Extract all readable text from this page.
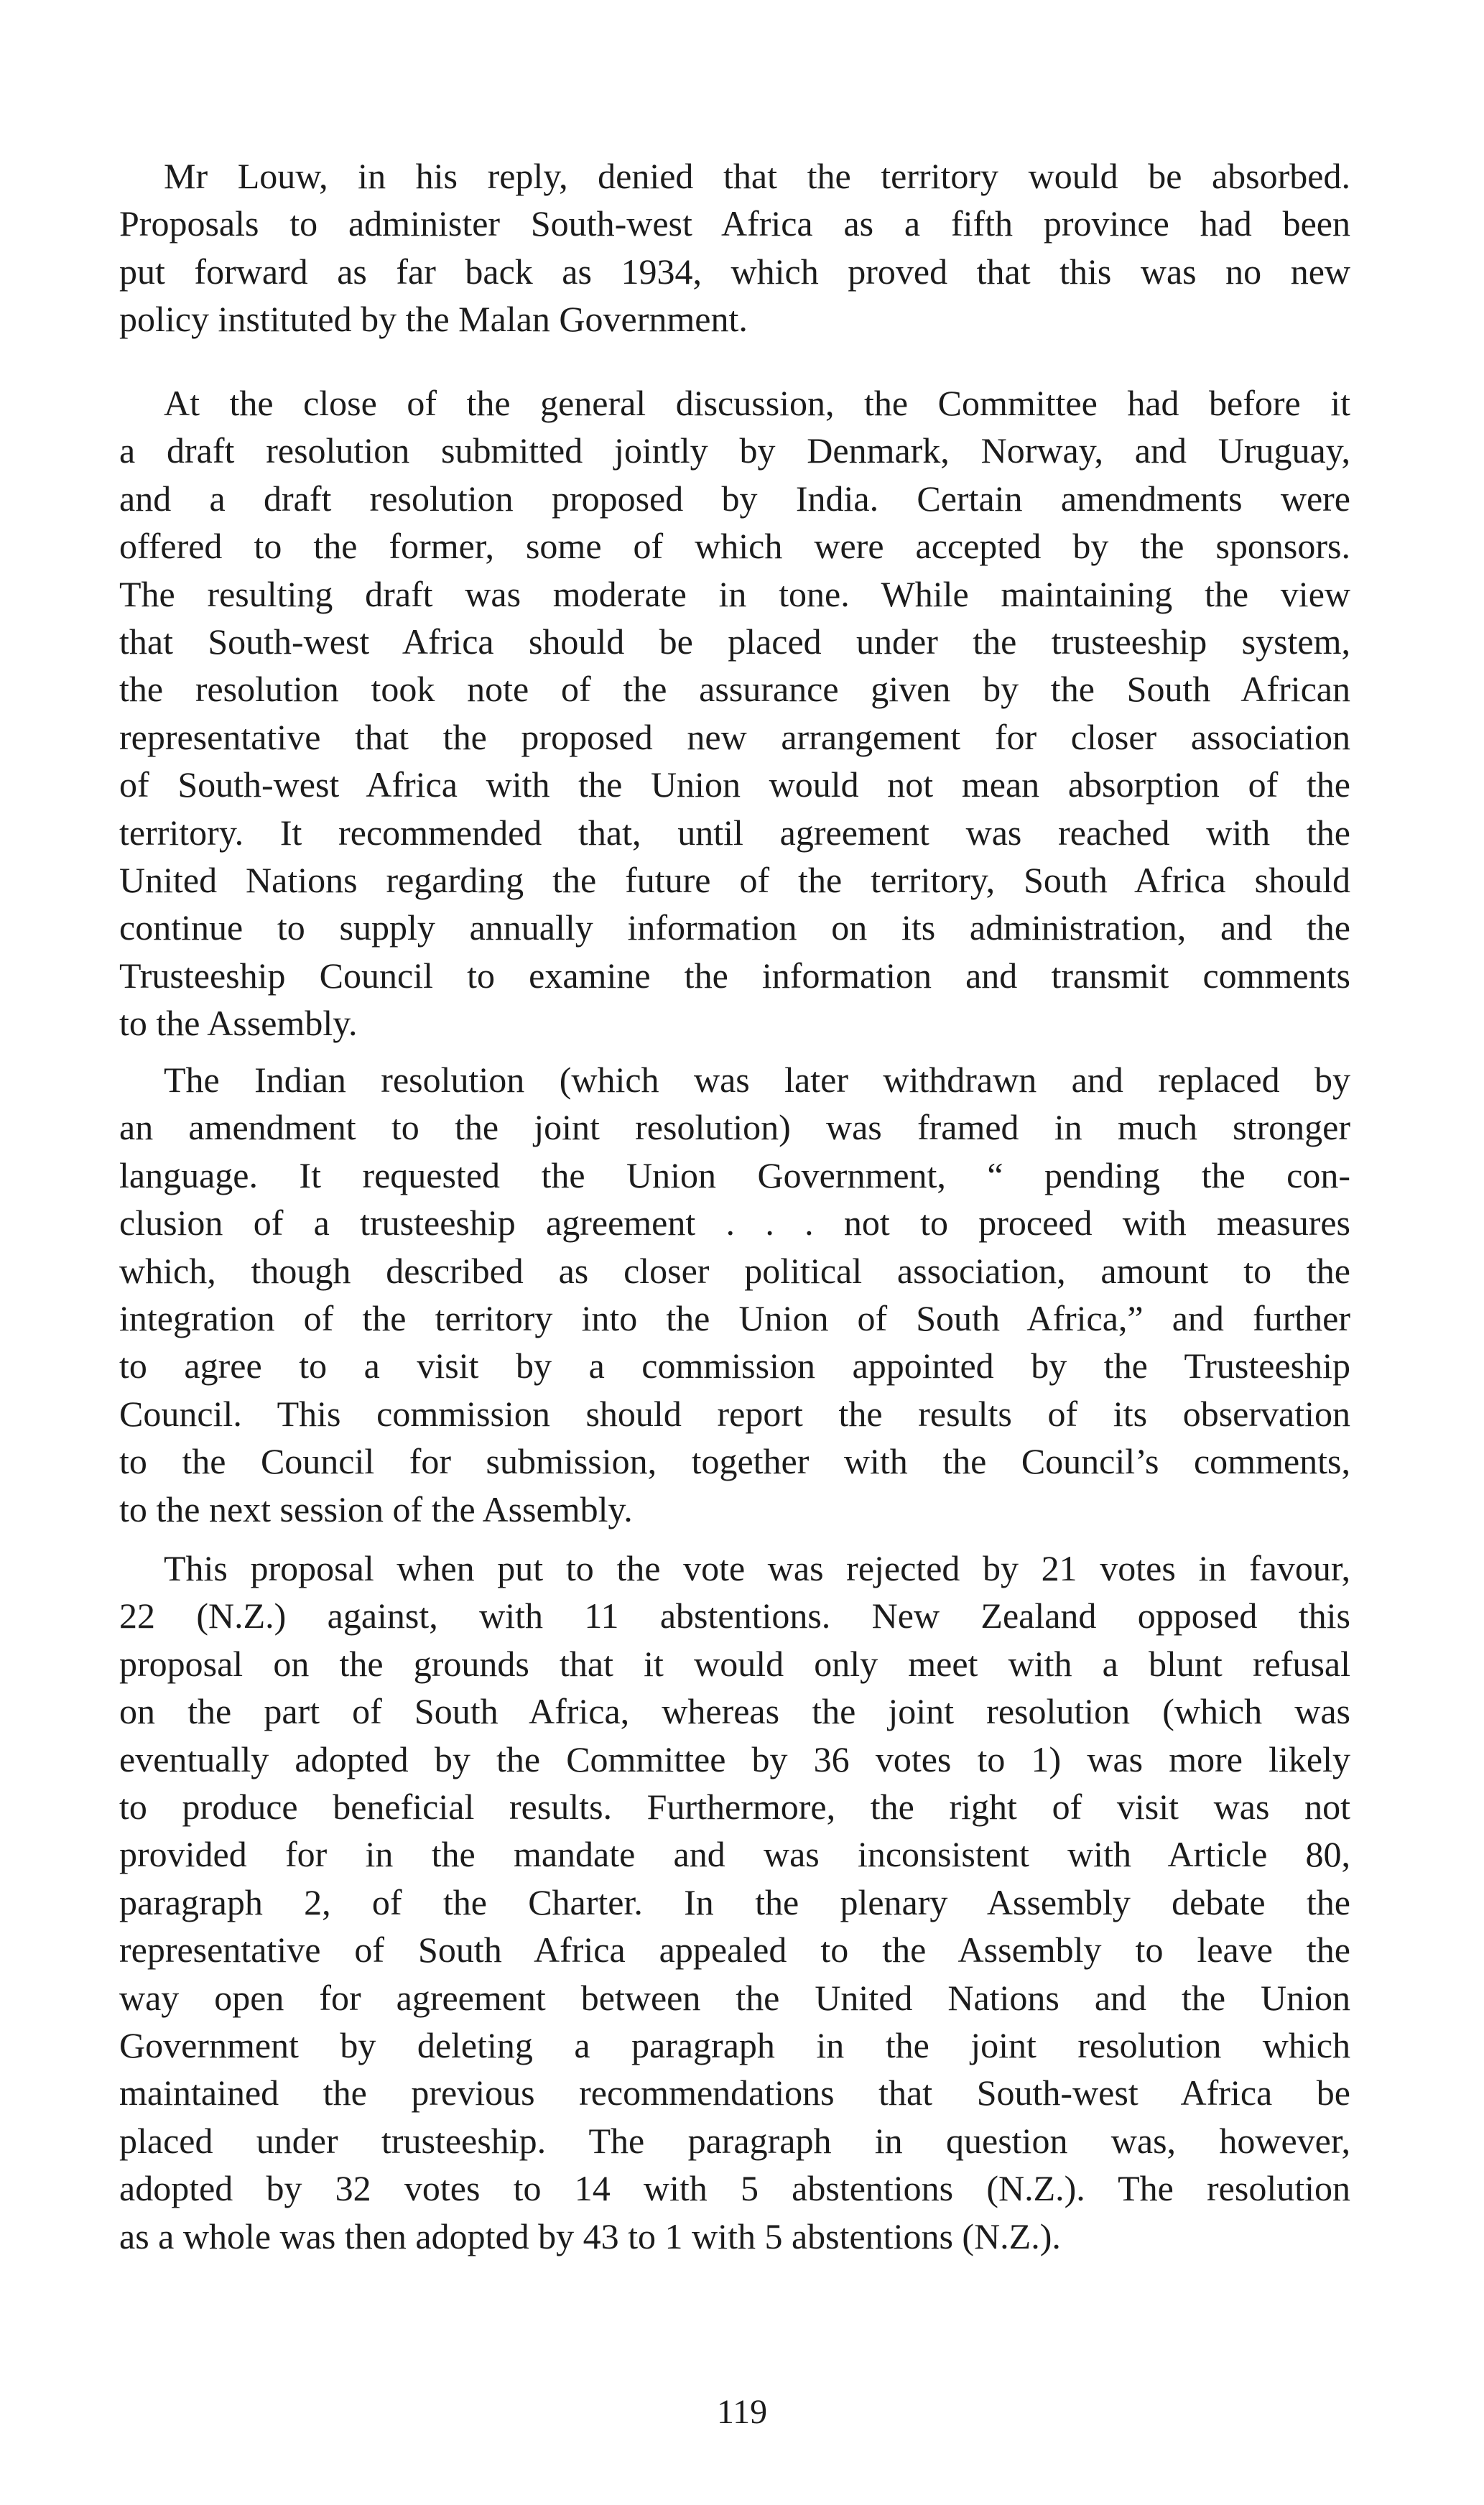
Mr Louw, in his reply, denied that the territory would be absorbed.
Proposals to administer South-west Africa as a fifth province had been
put forward as far back as 1934, which proved that this was no new
policy instituted by the Malan Government.

At the close of the general discussion, the Committee had before it
a draft resolution submitted jointly by Denmark, Norway, and Uruguay,
and a draft resolution proposed by India. Certain amendments were
offered to the former, some of which were accepted by the sponsors.
The resulting draft was moderate in tone. While maintaining the view
that South-west Africa should be placed under the trusteeship system,
the resolution took note of the assurance given by the South African
representative that the proposed new arrangement for closer association
of South-west Africa with the Union would not mean absorption of the
territory. It recommended that, until agreement was reached with the
United Nations regarding the future of the territory, South Africa should
continue to supply annually information on its administration, and the
Trusteeship Council to examine the information and transmit comments
to the Assembly.

The Indian resolution (which was later withdrawn and replaced by
an amendment to the joint resolution) was framed in much stronger
language. It requested the Union Government, “ pending the con-
clusion of a trusteeship agreement . . . not to proceed with measures
which, though described as closer political association, amount to the
integration of the territory into the Union of South Africa,” and further
to agree to a visit by a commission appointed by the Trusteeship
Council. This commission should report the results of its observation
to the Council for submission, together with the Council’s comments,
to the next session of the Assembly.

This proposal when put to the vote was rejected by 21 votes in favour,
22 (N.Z.) against, with 11 abstentions. New Zealand opposed this
proposal on the grounds that it would only meet with a blunt refusal
on the part of South Africa, whereas the joint resolution (which was
eventually adopted by the Committee by 36 votes to 1) was more likely
to produce beneficial results. Furthermore, the right of visit was not
provided for in the mandate and was inconsistent with Article 80,
paragraph 2, of the Charter. In the plenary Assembly debate the
representative of South Africa appealed to the Assembly to leave the
way open for agreement between the United Nations and the Union
Government by deleting a paragraph in the joint resolution which
maintained the previous recommendations that South-west Africa be
placed under trusteeship. The paragraph in question was, however,
adopted by 32 votes to 14 with 5 abstentions (N.Z.). The resolution
as a whole was then adopted by 43 to 1 with 5 abstentions (N.Z.).

119
